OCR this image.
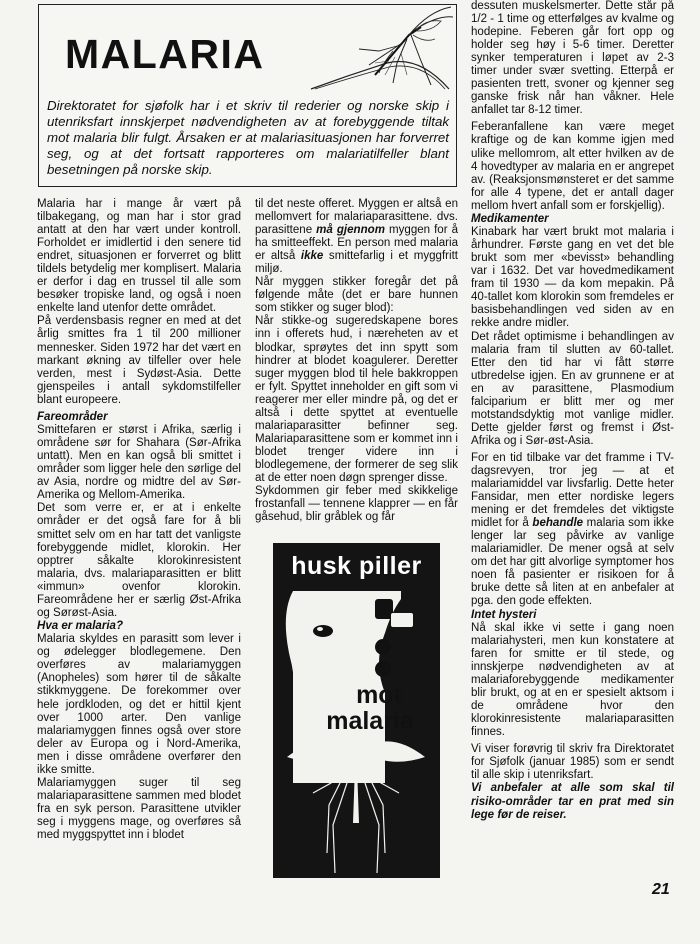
MALARIA

Direktoratet for sjøfolk har i et skriv til rederier og norske skip i utenriksfart innskjerpet nødvendigheten av at forebyggende tiltak mot malaria blir fulgt. Årsaken er at malariasituasjonen har forverret seg, og at det fortsatt rapporteres om malariatilfeller blant besetningen på norske skip.

Malaria har i mange år vært på tilbakegang, og man har i stor grad antatt at den har vært under kontroll. Forholdet er imidlertid i den senere tid endret, situasjonen er forverret og blitt tildels betydelig mer komplisert. Malaria er derfor i dag en trussel til alle som besøker tropiske land, og også i noen enkelte land utenfor dette området.

På verdensbasis regner en med at det årlig smittes fra 1 til 200 millioner mennesker. Siden 1972 har det vært en markant økning av tilfeller over hele verden, mest i Sydøst-Asia. Dette gjenspeiles i antall sykdomstilfeller blant europeere.

Fareområder

Smittefaren er størst i Afrika, særlig i områdene sør for Shahara (Sør-Afrika untatt). Men en kan også bli smittet i områder som ligger hele den sørlige del av Asia, nordre og midtre del av Sør-Amerika og Mellom-Amerika.

Det som verre er, er at i enkelte områder er det også fare for å bli smittet selv om en har tatt det vanligste forebyggende midlet, klorokin. Her opptrer såkalte klorokinresistent malaria, dvs. malariaparasitten er blitt «immun» ovenfor klorokin. Fareområdene her er særlig Øst-Afrika og Sørøst-Asia.

Hva er malaria?

Malaria skyldes en parasitt som lever i og ødelegger blodlegemene. Den overføres av malariamyggen (Anopheles) som hører til de såkalte stikkmyggene. De forekommer over hele jordkloden, og det er hittil kjent over 1000 arter. Den vanlige malariamyggen finnes også over store deler av Europa og i Nord-Amerika, men i disse områdene overfører den ikke smitte.

Malariamyggen suger til seg malariaparasittene sammen med blodet fra en syk person. Parasittene utvikler seg i myggens mage, og overføres så med myggspyttet inn i blodet

til det neste offeret. Myggen er altså en mellomvert for malariaparasittene. dvs. parasittene må gjennom myggen for å ha smitteeffekt. En person med malaria er altså ikke smittefarlig i et myggfritt miljø.

Når myggen stikker foregår det på følgende måte (det er bare hunnen som stikker og suger blod):

Når stikke-og sugeredskapene bores inn i offerets hud, i næreheten av et blodkar, sprøytes det inn spytt som hindrer at blodet koagulerer. Deretter suger myggen blod til hele bakkroppen er fylt. Spyttet inneholder en gift som vi reagerer mer eller mindre på, og det er altså i dette spyttet at eventuelle malariaparasitter befinner seg. Malariaparasittene som er kommet inn i blodet trenger videre inn i blodlegemene, der formerer de seg slik at de etter noen døgn sprenger disse.

Sykdommen gir feber med skikkelige frostanfall — tennene klapprer — en får gåsehud, blir gråblek og får

husk piller
mot
malaria

dessuten muskelsmerter. Dette står på 1/2 - 1 time og etterfølges av kvalme og hodepine. Feberen går fort opp og holder seg høy i 5-6 timer. Deretter synker temperaturen i løpet av 2-3 timer under svær svetting. Etterpå er pasienten trett, svoner og kjenner seg ganske frisk når han våkner. Hele anfallet tar 8-12 timer.

Feberanfallene kan være meget kraftige og de kan komme igjen med ulike mellomrom, alt etter hvilken av de 4 hovedtyper av malaria en er angrepet av. (Reaksjonsmønsteret er det samme for alle 4 typene, det er antall dager mellom hvert anfall som er forskjellig).

Medikamenter

Kinabark har vært brukt mot malaria i århundrer. Første gang en vet det ble brukt som mer «bevisst» behandling var i 1632. Det var hovedmedikament fram til 1930 — da kom mepakin. På 40-tallet kom klorokin som fremdeles er basisbehandlingen ved siden av en rekke andre midler.

Det rådet optimisme i behandlingen av malaria fram til slutten av 60-tallet. Etter den tid har vi fått større utbredelse igjen. En av grunnene er at en av parasittene, Plasmodium falciparium er blitt mer og mer motstandsdyktig mot vanlige midler. Dette gjelder først og fremst i Øst-Afrika og i Sør-øst-Asia.

For en tid tilbake var det framme i TV-dagsrevyen, tror jeg — at et malariamiddel var livsfarlig. Dette heter Fansidar, men etter nordiske legers mening er det fremdeles det viktigste midlet for å behandle malaria som ikke lenger lar seg påvirke av vanlige malariamidler. De mener også at selv om det har gitt alvorlige symptomer hos noen få pasienter er risikoen for å bruke dette så liten at en anbefaler at pga. den gode effekten.

Intet hysteri

Nå skal ikke vi sette i gang noen malariahysteri, men kun konstatere at faren for smitte er til stede, og innskjerpe nødvendigheten av at malariaforebyggende medikamenter blir brukt, og at en er spesielt aktsom i de områdene hvor den klorokinresistente malariaparasitten finnes.

Vi viser forøvrig til skriv fra Direktoratet for Sjøfolk (januar 1985) som er sendt til alle skip i utenriksfart.

Vi anbefaler at alle som skal til risiko-områder tar en prat med sin lege før de reiser.

21
